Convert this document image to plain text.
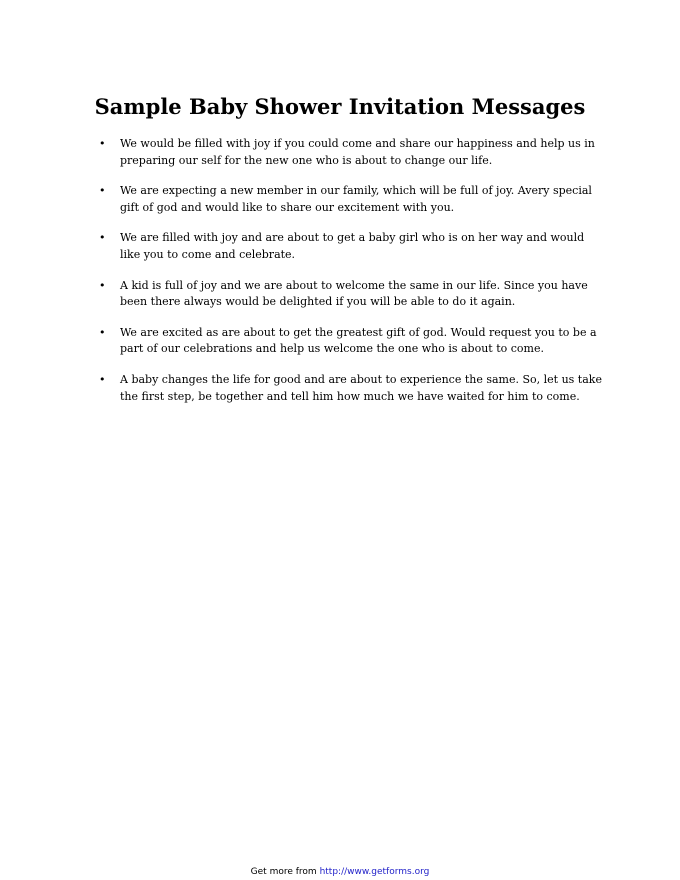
Sample Baby Shower Invitation Messages
• We would be filled with joy if you could come and share our happiness and help us in preparing our self for the new one who is about to change our life.
• We are expecting a new member in our family, which will be full of joy. Avery special gift of god and would like to share our excitement with you.
• We are filled with joy and are about to get a baby girl who is on her way and would like you to come and celebrate.
• A kid is full of joy and we are about to welcome the same in our life. Since you have been there always would be delighted if you will be able to do it again.
• We are excited as are about to get the greatest gift of god. Would request you to be a part of our celebrations and help us welcome the one who is about to come.
• A baby changes the life for good and are about to experience the same. So, let us take the first step, be together and tell him how much we have waited for him to come.
Get more from http://www.getforms.org
